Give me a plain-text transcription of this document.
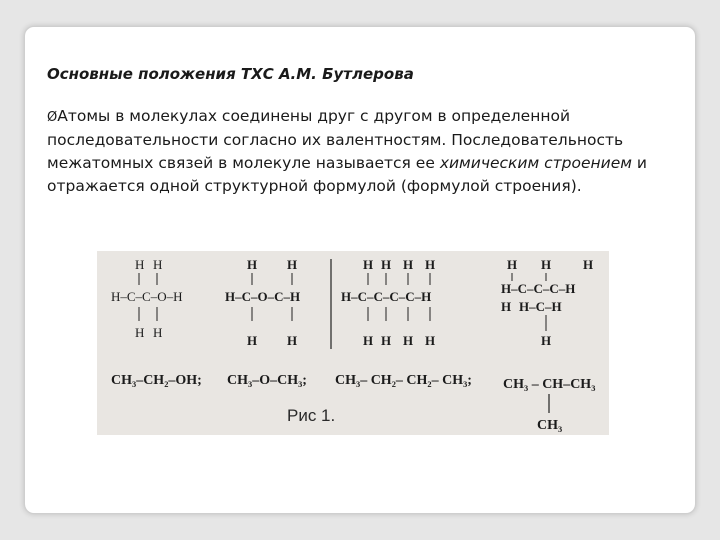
Основные положения ТХС А.М. Бутлерова
ØАтомы в молекулах соединены друг с другом в определенной последовательности согласно их валентностям. Последовательность межатомных связей в молекуле называется ее химическим строением и отражается одной структурной формулой (формулой строения).
H H
H–C–C–O–H
H H
H H
H–C–O–C–H
H H
H H H H
H–C–C–C–C–H
H H H H
H H H
H–C–C–C–H
H H–C–H
H
CH₃–CH₂–OH; CH₃–O–CH₃; CH₃– CH₂– CH₂– CH₃; CH₃ – CH–CH₃
CH₃
Рис 1.
